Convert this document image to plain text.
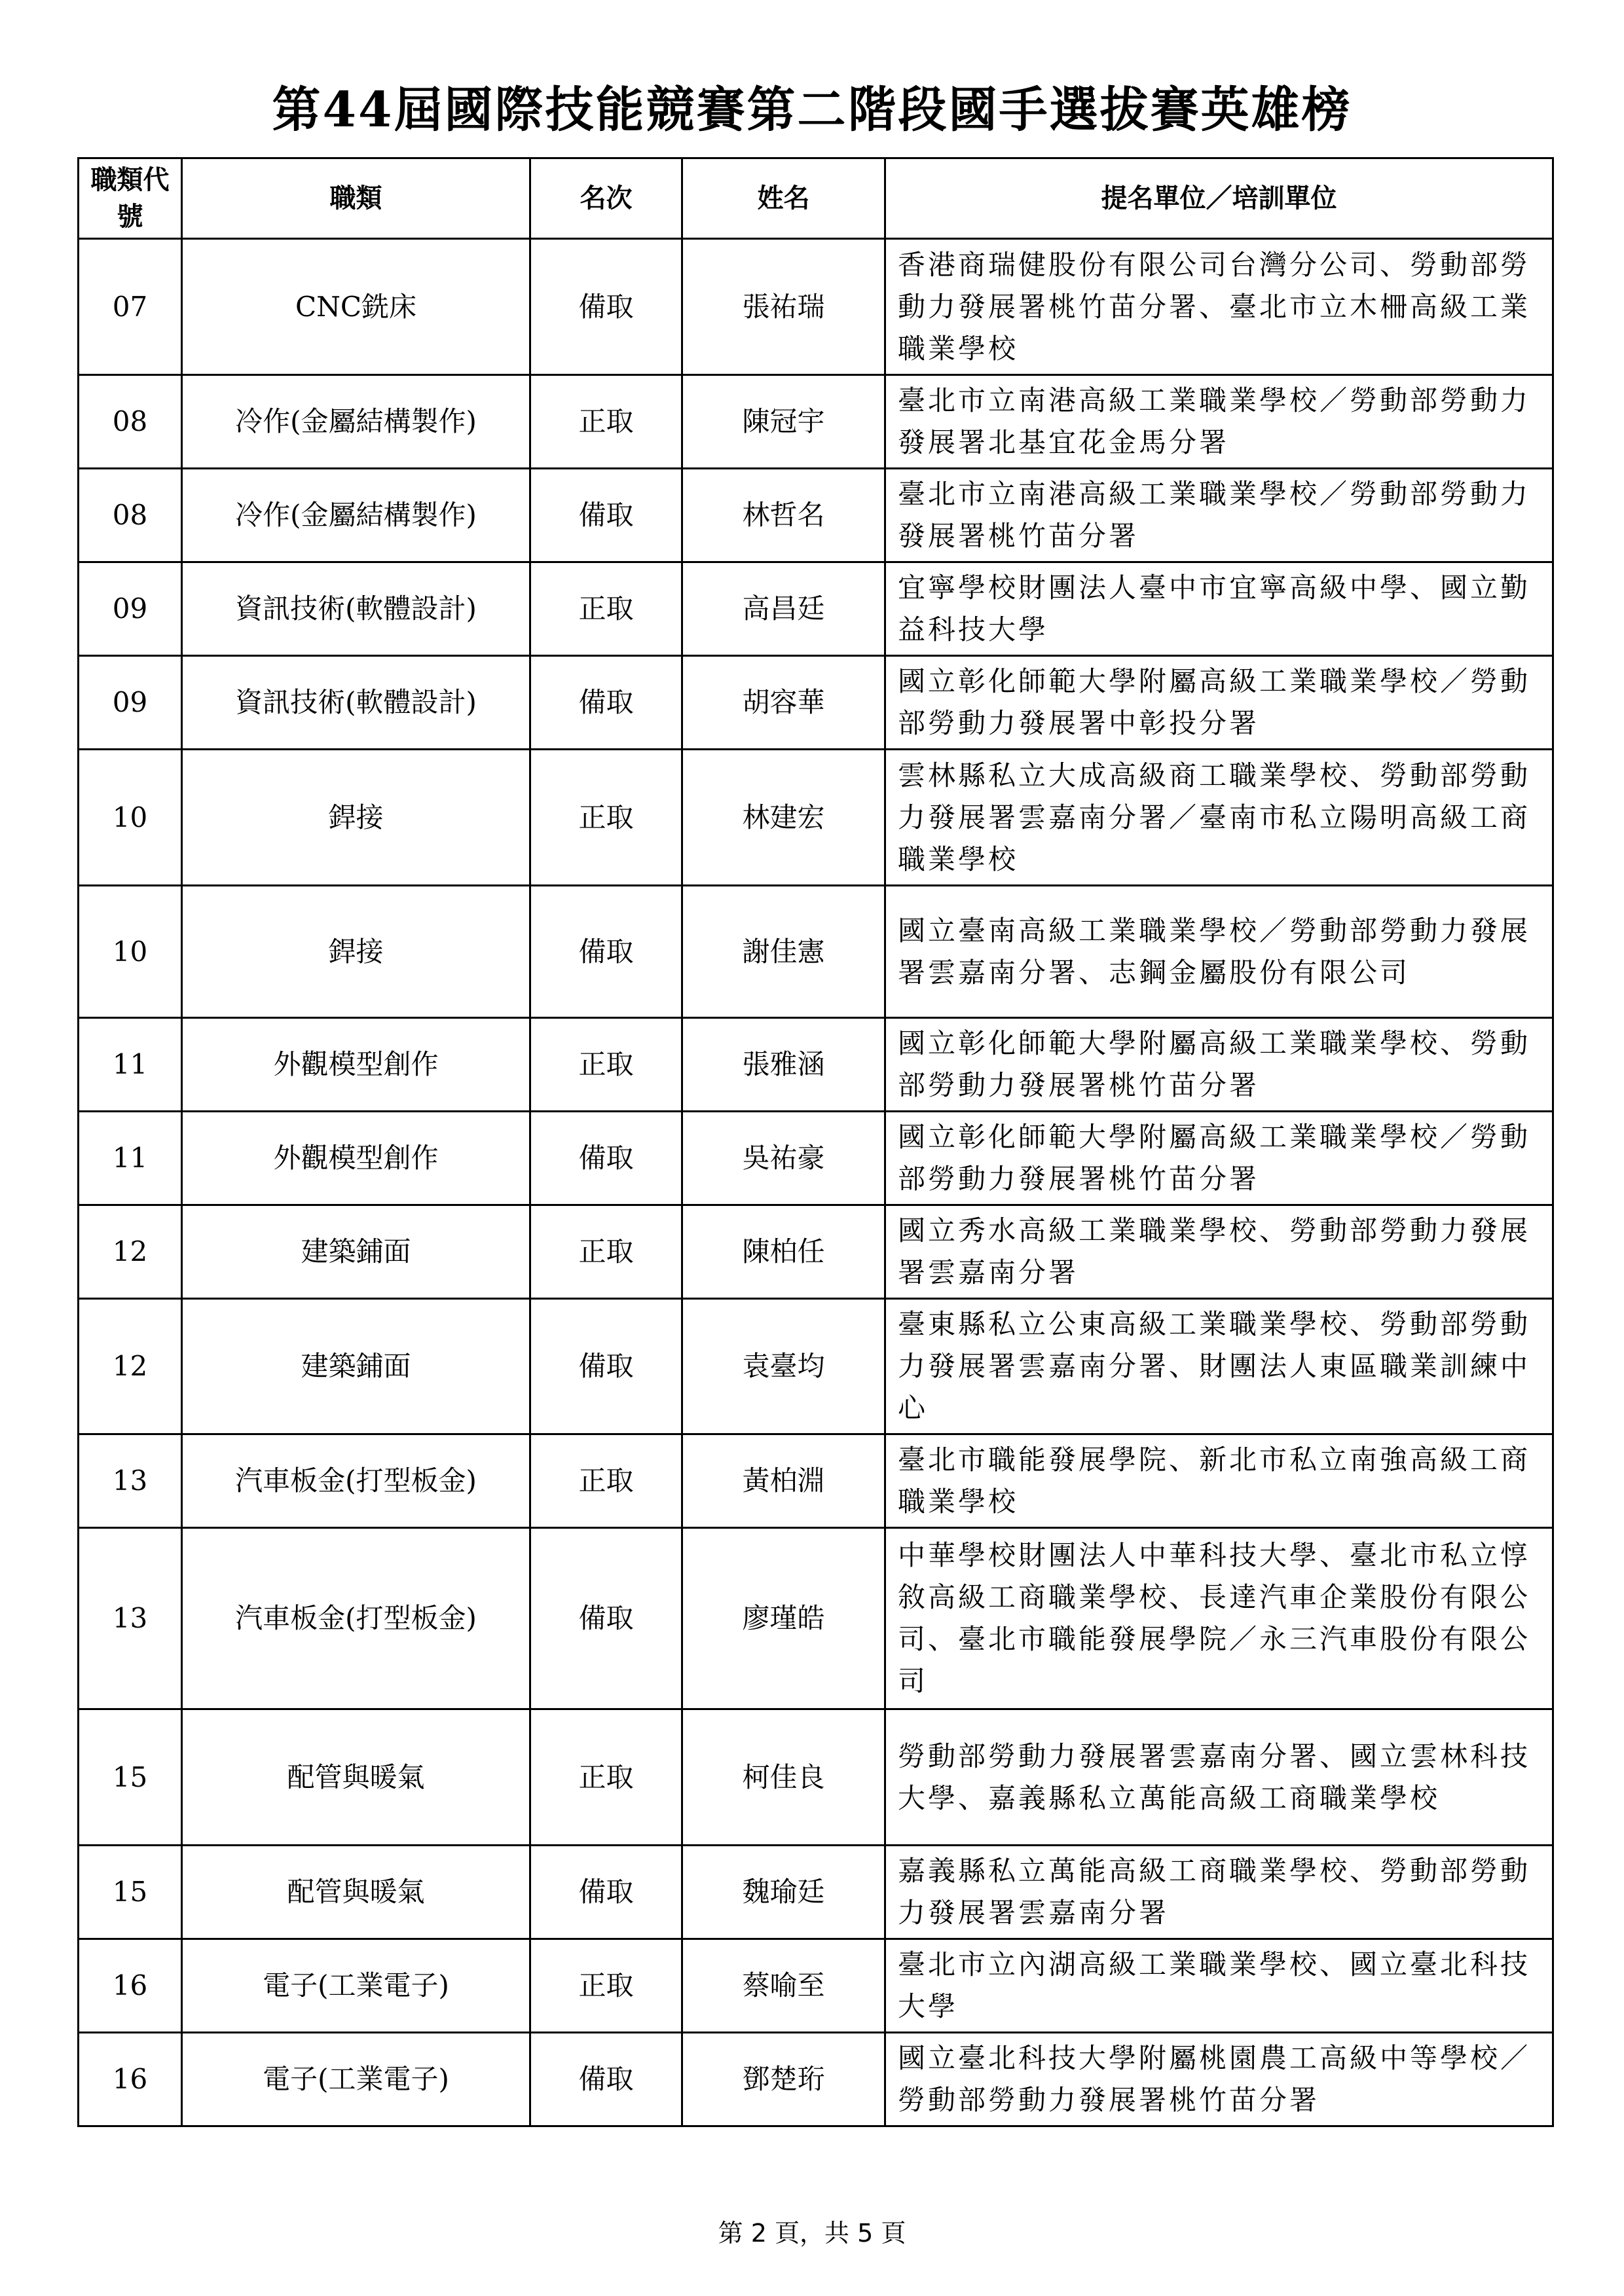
第44屆國際技能競賽第二階段國手選拔賽英雄榜
職類代號	職類	名次	姓名	提名單位／培訓單位
07	CNC銑床	備取	張祐瑞	香港商瑞健股份有限公司台灣分公司、勞動部勞動力發展署桃竹苗分署、臺北市立木柵高級工業職業學校
08	冷作(金屬結構製作)	正取	陳冠宇	臺北市立南港高級工業職業學校／勞動部勞動力發展署北基宜花金馬分署
08	冷作(金屬結構製作)	備取	林哲名	臺北市立南港高級工業職業學校／勞動部勞動力發展署桃竹苗分署
09	資訊技術(軟體設計)	正取	高昌廷	宜寧學校財團法人臺中市宜寧高級中學、國立勤益科技大學
09	資訊技術(軟體設計)	備取	胡容華	國立彰化師範大學附屬高級工業職業學校／勞動部勞動力發展署中彰投分署
10	銲接	正取	林建宏	雲林縣私立大成高級商工職業學校、勞動部勞動力發展署雲嘉南分署／臺南市私立陽明高級工商職業學校
10	銲接	備取	謝佳憲	國立臺南高級工業職業學校／勞動部勞動力發展署雲嘉南分署、志鋼金屬股份有限公司
11	外觀模型創作	正取	張雅涵	國立彰化師範大學附屬高級工業職業學校、勞動部勞動力發展署桃竹苗分署
11	外觀模型創作	備取	吳祐豪	國立彰化師範大學附屬高級工業職業學校／勞動部勞動力發展署桃竹苗分署
12	建築鋪面	正取	陳柏任	國立秀水高級工業職業學校、勞動部勞動力發展署雲嘉南分署
12	建築鋪面	備取	袁臺均	臺東縣私立公東高級工業職業學校、勞動部勞動力發展署雲嘉南分署、財團法人東區職業訓練中心
13	汽車板金(打型板金)	正取	黃柏淵	臺北市職能發展學院、新北市私立南強高級工商職業學校
13	汽車板金(打型板金)	備取	廖瑾皓	中華學校財團法人中華科技大學、臺北市私立惇敘高級工商職業學校、長達汽車企業股份有限公司、臺北市職能發展學院／永三汽車股份有限公司
15	配管與暖氣	正取	柯佳良	勞動部勞動力發展署雲嘉南分署、國立雲林科技大學、嘉義縣私立萬能高級工商職業學校
15	配管與暖氣	備取	魏瑜廷	嘉義縣私立萬能高級工商職業學校、勞動部勞動力發展署雲嘉南分署
16	電子(工業電子)	正取	蔡喻至	臺北市立內湖高級工業職業學校、國立臺北科技大學
16	電子(工業電子)	備取	鄧楚珩	國立臺北科技大學附屬桃園農工高級中等學校／勞動部勞動力發展署桃竹苗分署
第 2 頁，共 5 頁
